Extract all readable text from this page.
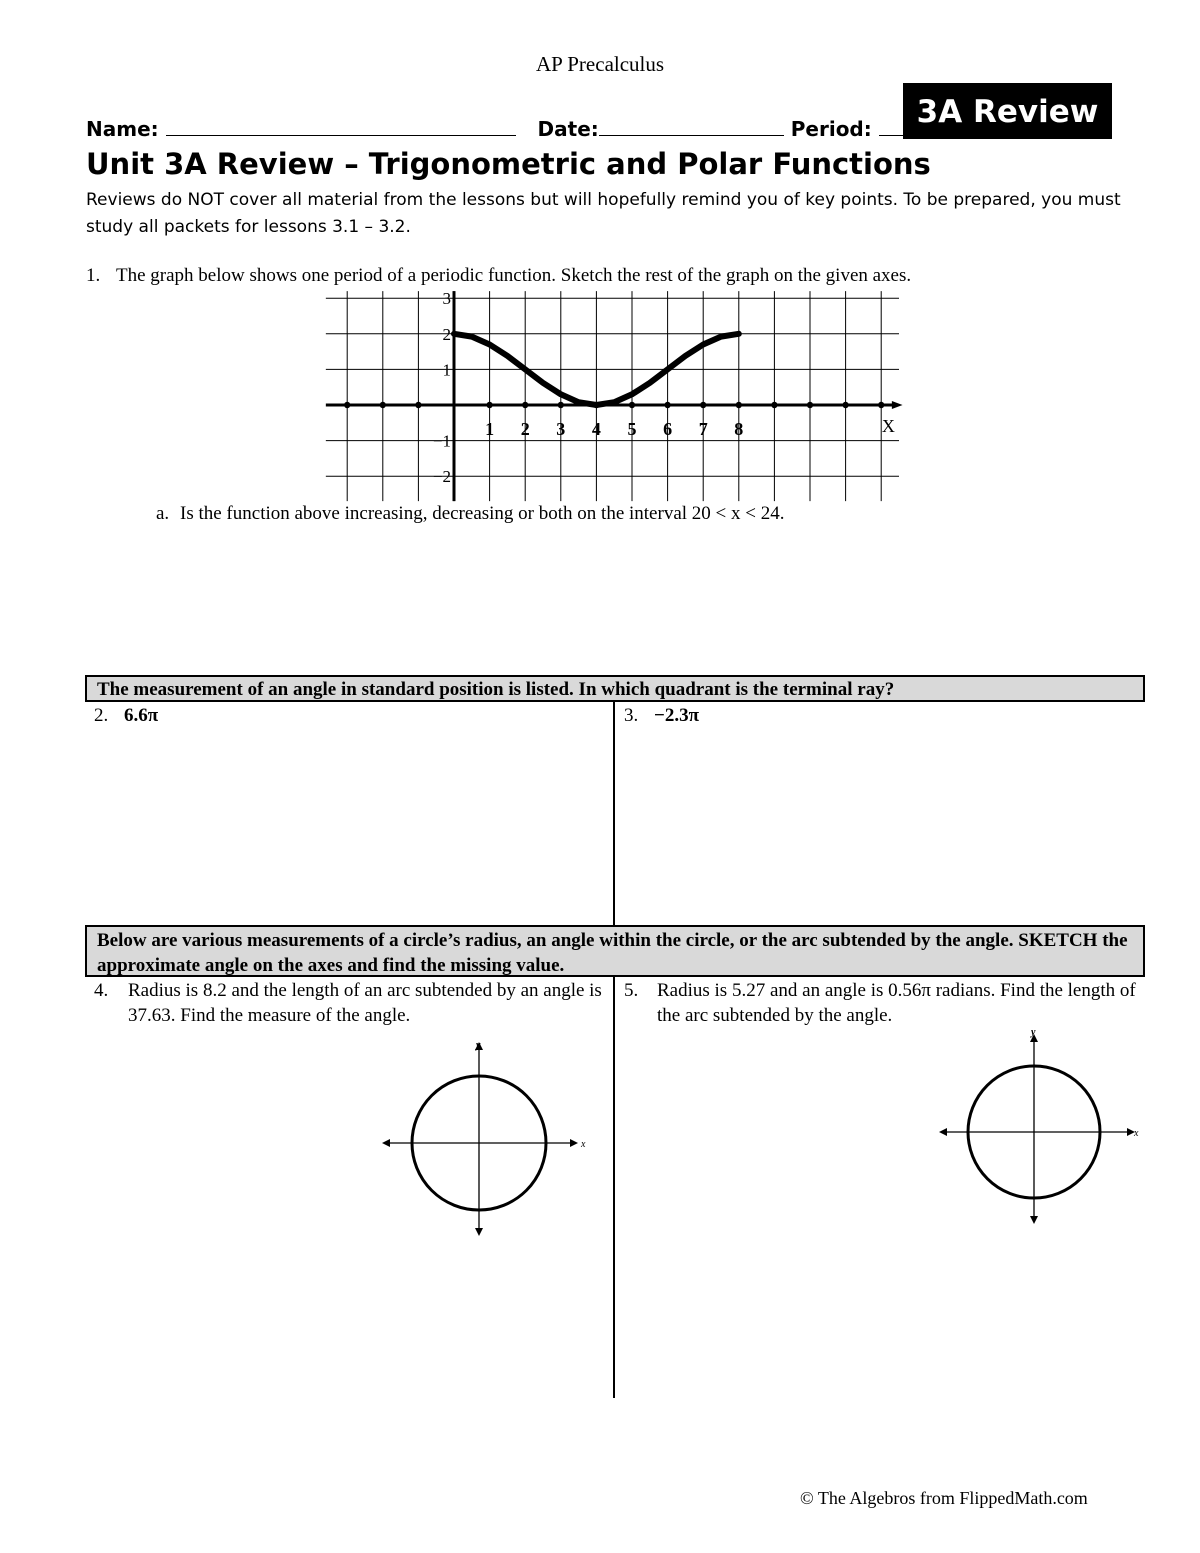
AP Precalculus
Name:	Date:	Period:	3A Review
Unit 3A Review – Trigonometric and Polar Functions
Reviews do NOT cover all material from the lessons but will hopefully remind you of key points. To be prepared, you must study all packets for lessons 3.1 – 3.2.
1. The graph below shows one period of a periodic function. Sketch the rest of the graph on the given axes.
1 2 3 4 5 6 7 8
3
2
1
−1
−2
X
a. Is the function above increasing, decreasing or both on the interval 20 < x < 24.
The measurement of an angle in standard position is listed. In which quadrant is the terminal ray?
2. 6.6π	3. −2.3π
Below are various measurements of a circle’s radius, an angle within the circle, or the arc subtended by the angle. SKETCH the approximate angle on the axes and find the missing value.
4.	Radius is 8.2 and the length of an arc subtended by an angle is 37.63. Find the measure of the angle.
5. Radius is 5.27 and an angle is 0.56π radians. Find the length of the arc subtended by the angle.
x
y
x
y
© The Algebros from FlippedMath.com
